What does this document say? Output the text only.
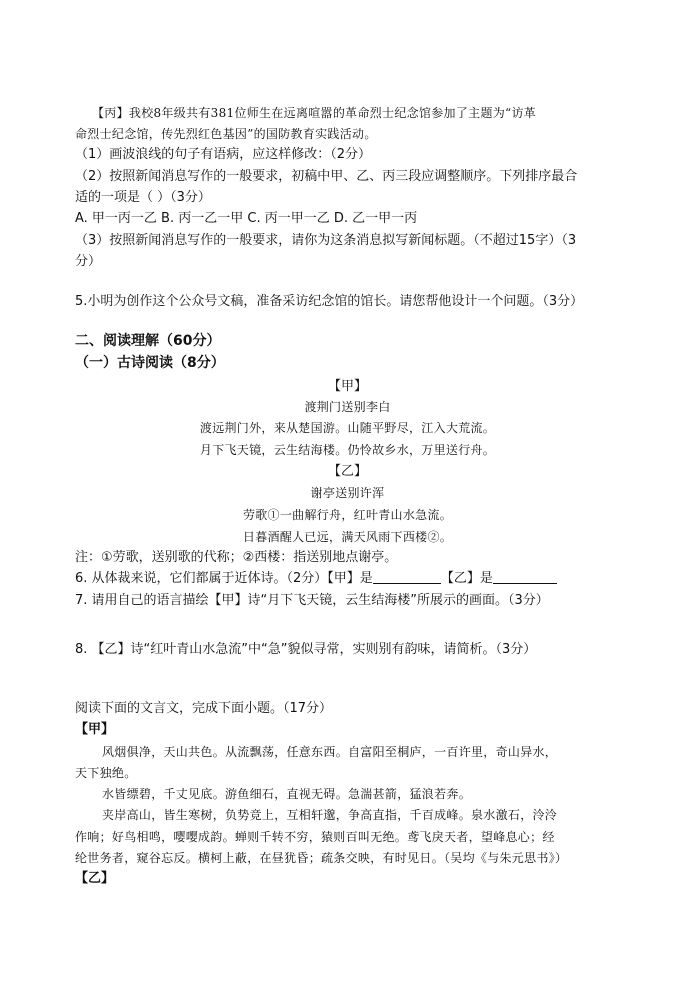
【丙】我校8年级共有381位师生在远离喧嚣的革命烈士纪念馆参加了主题为“访革
命烈士纪念馆，传先烈红色基因”的国防教育实践活动。
（1）画波浪线的句子有语病，应这样修改：（2分）
（2）按照新闻消息写作的一般要求，初稿中甲、乙、丙三段应调整顺序。下列排序最合
适的一项是（ ）（3分）
A. 甲一丙一乙 B. 丙一乙一甲 C. 丙一甲一乙 D. 乙一甲一丙
（3）按照新闻消息写作的一般要求，请你为这条消息拟写新闻标题。（不超过15字）（3
分）
5.小明为创作这个公众号文稿，准备采访纪念馆的馆长。请您帮他设计一个问题。（3分）
二、阅读理解（60分）
（一）古诗阅读（8分）
【甲】
渡荆门送别李白
渡远荆门外，来从楚国游。山随平野尽，江入大荒流。
月下飞天镜，云生结海楼。仍怜故乡水，万里送行舟。
【乙】
谢亭送别许浑
劳歌①一曲解行舟，红叶青山水急流。
日暮酒醒人已远，满天风雨下西楼②。
注：①劳歌，送别歌的代称；②西楼：指送别地点谢亭。
6. 从体裁来说，它们都属于近体诗。（2分）【甲】是	【乙】是
7. 请用自己的语言描绘【甲】诗“月下飞天镜，云生结海楼”所展示的画面。（3分）
8. 【乙】诗“红叶青山水急流”中“急”貌似寻常，实则别有韵味，请简析。（3分）
阅读下面的文言文，完成下面小题。（17分）
【甲】
风烟俱净，天山共色。从流飘荡，任意东西。自富阳至桐庐，一百许里，奇山异水，
天下独绝。
水皆缥碧，千丈见底。游鱼细石，直视无碍。急湍甚箭，猛浪若奔。
夹岸高山，皆生寒树，负势竞上，互相轩邈，争高直指，千百成峰。泉水激石，泠泠
作响；好鸟相鸣，嘤嘤成韵。蝉则千转不穷，猿则百叫无绝。鸢飞戾天者，望峰息心；经
纶世务者，窥谷忘反。横柯上蔽，在昼犹昏；疏条交映，有时见日。（吴均《与朱元思书》）
【乙】
